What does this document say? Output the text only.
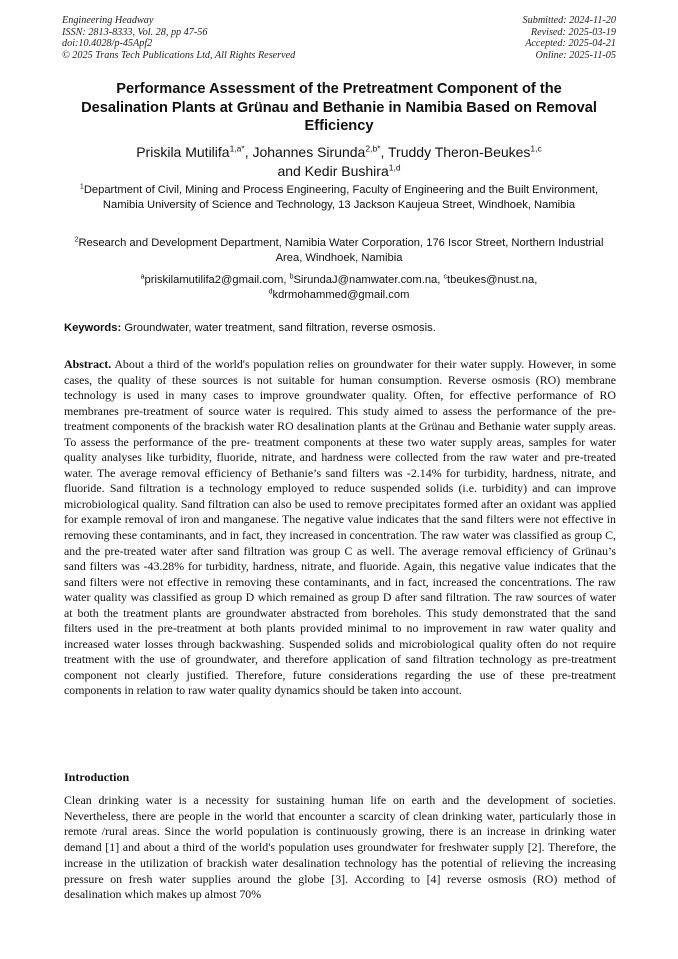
Engineering Headway
ISSN: 2813-8333, Vol. 28, pp 47-56
doi:10.4028/p-45Apf2
© 2025 Trans Tech Publications Ltd, All Rights Reserved
Submitted: 2024-11-20
Revised: 2025-03-19
Accepted: 2025-04-21
Online: 2025-11-05
Performance Assessment of the Pretreatment Component of the Desalination Plants at Grünau and Bethanie in Namibia Based on Removal Efficiency
Priskila Mutilifa$^{1,a*}$, Johannes Sirunda$^{2,b*}$, Truddy Theron-Beukes$^{1,c}$
and Kedir Bushira$^{1,d}$
$^1$Department of Civil, Mining and Process Engineering, Faculty of Engineering and the Built Environment, Namibia University of Science and Technology, 13 Jackson Kaujeua Street, Windhoek, Namibia
$^2$Research and Development Department, Namibia Water Corporation, 176 Iscor Street, Northern Industrial Area, Windhoek, Namibia
$^a$priskilamutilifa2@gmail.com, $^b$SirundaJ@namwater.com.na, $^c$tbeukes@nust.na,
$^d$kdrmohammed@gmail.com
Keywords: Groundwater, water treatment, sand filtration, reverse osmosis.

Abstract. About a third of the world's population relies on groundwater for their water supply. However, in some cases, the quality of these sources is not suitable for human consumption. Reverse osmosis (RO) membrane technology is used in many cases to improve groundwater quality. Often, for effective performance of RO membranes pre-treatment of source water is required. This study aimed to assess the performance of the pre-treatment components of the brackish water RO desalination plants at the Grünau and Bethanie water supply areas. To assess the performance of the pre- treatment components at these two water supply areas, samples for water quality analyses like turbidity, fluoride, nitrate, and hardness were collected from the raw water and pre-treated water. The average removal efficiency of Bethanie’s sand filters was -2.14% for turbidity, hardness, nitrate, and fluoride. Sand filtration is a technology employed to reduce suspended solids (i.e. turbidity) and can improve microbiological quality. Sand filtration can also be used to remove precipitates formed after an oxidant was applied for example removal of iron and manganese. The negative value indicates that the sand filters were not effective in removing these contaminants, and in fact, they increased in concentration. The raw water was classified as group C, and the pre-treated water after sand filtration was group C as well. The average removal efficiency of Grünau’s sand filters was -43.28% for turbidity, hardness, nitrate, and fluoride. Again, this negative value indicates that the sand filters were not effective in removing these contaminants, and in fact, increased the concentrations. The raw water quality was classified as group D which remained as group D after sand filtration. The raw sources of water at both the treatment plants are groundwater abstracted from boreholes. This study demonstrated that the sand filters used in the pre-treatment at both plants provided minimal to no improvement in raw water quality and increased water losses through backwashing. Suspended solids and microbiological quality often do not require treatment with the use of groundwater, and therefore application of sand filtration technology as pre-treatment component not clearly justified. Therefore, future considerations regarding the use of these pre-treatment components in relation to raw water quality dynamics should be taken into account.

Introduction

Clean drinking water is a necessity for sustaining human life on earth and the development of societies. Nevertheless, there are people in the world that encounter a scarcity of clean drinking water, particularly those in remote /rural areas. Since the world population is continuously growing, there is an increase in drinking water demand [1] and about a third of the world's population uses groundwater for freshwater supply [2]. Therefore, the increase in the utilization of brackish water desalination technology has the potential of relieving the increasing pressure on fresh water supplies around the globe [3]. According to [4] reverse osmosis (RO) method of desalination which makes up almost 70%
